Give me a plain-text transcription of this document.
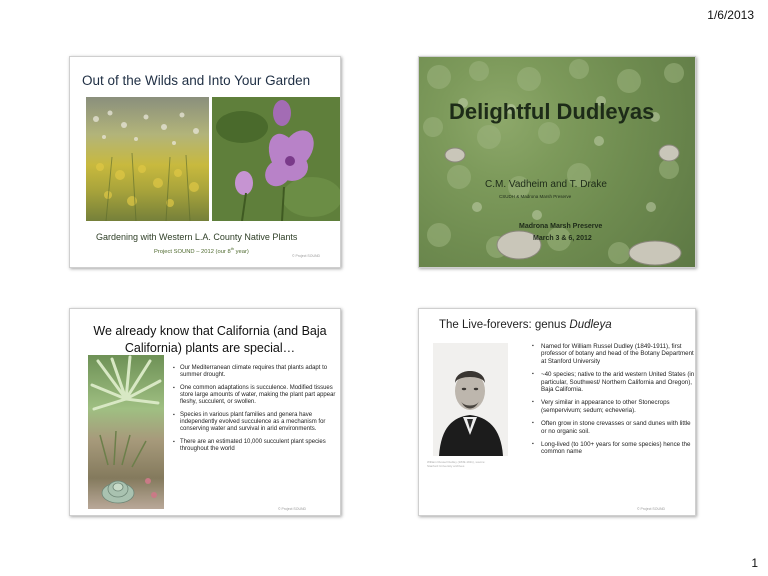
1/6/2013
Out of the Wilds and Into Your Garden
Gardening with Western L.A. County Native Plants
Project SOUND – 2012 (our 8th year)
© Project SOUND
Delightful Dudleyas
C.M. Vadheim and T. Drake
CSUDH & Madrona Marsh Preserve
Madrona Marsh Preserve
March 3 & 6, 2012
We already know that California (and Baja California) plants are special…
▪ Our Mediterranean climate requires that plants adapt to summer drought.
▪ One common adaptations is succulence. Modified tissues store large amounts of water, making the plant part appear fleshy, succulent, or swollen.
▪ Species in various plant families and genera have independently evolved succulence as a mechanism for conserving water and survival in arid environments.
▪ There are an estimated 10,000 succulent plant species throughout the world
© Project SOUND
The Live-forevers: genus Dudleya
William Russel Dudley (1849-1911), source: Stanford University archives
▪ Named for William Russel Dudley (1849-1911), first professor of botany and head of the Botany Department at Stanford University
▪ ~40 species; native to the arid western United States (in particular, Southwest/ Northern California and Oregon), Baja California.
▪ Very similar in appearance to other Stonecrops (sempervivum; sedum; echeveria).
▪ Often grow in stone crevasses or sand dunes with little or no organic soil.
▪ Long-lived (to 100+ years for some species) hence the common name
© Project SOUND
1
